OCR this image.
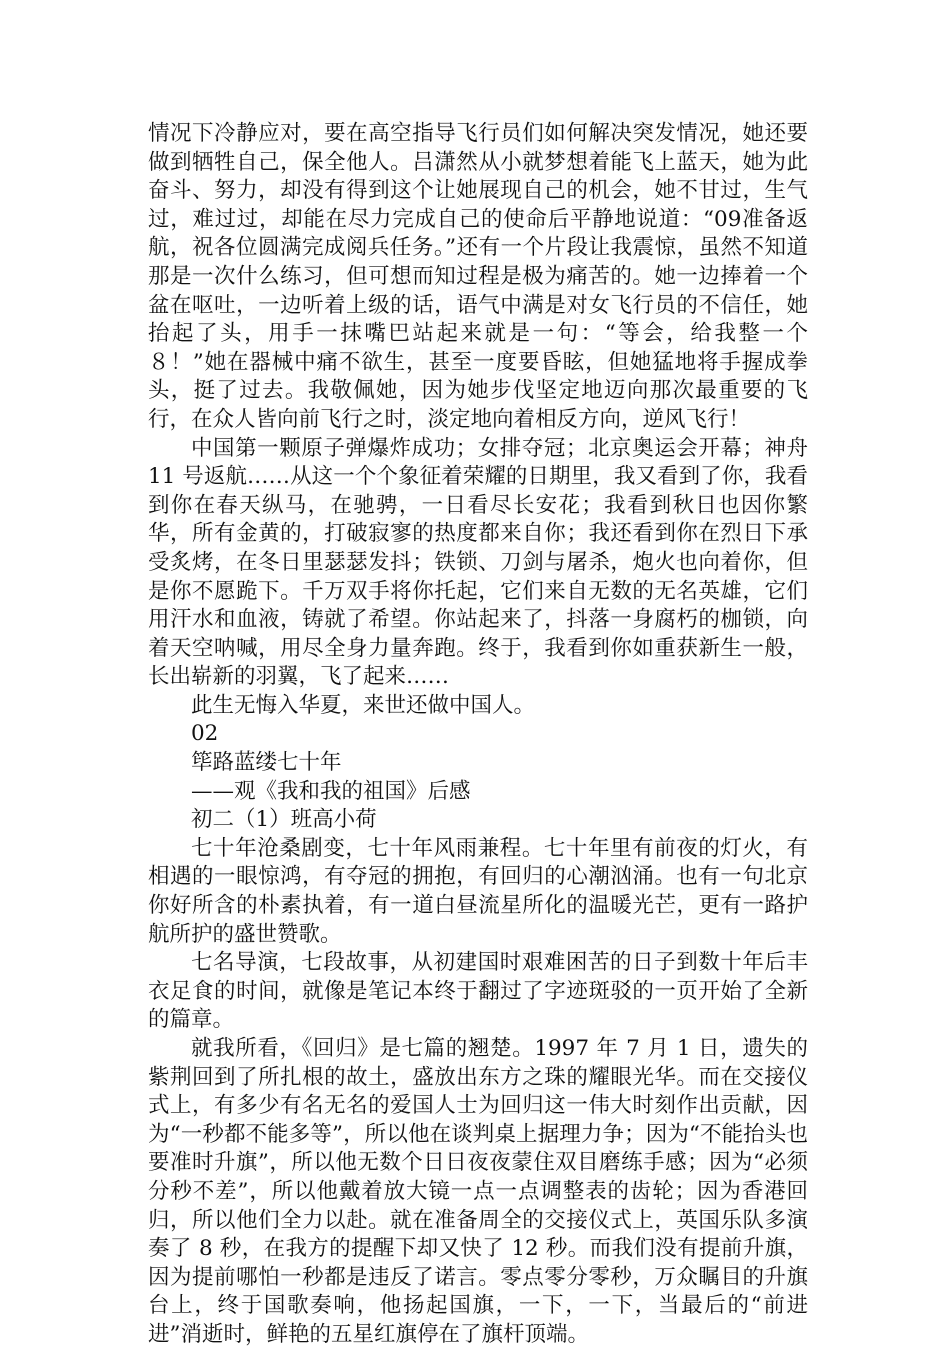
情况下冷静应对，要在高空指导飞行员们如何解决突发情况，她还要做到牺牲自己，保全他人。吕潇然从小就梦想着能飞上蓝天，她为此奋斗、努力，却没有得到这个让她展现自己的机会，她不甘过，生气过，难过过，却能在尽力完成自己的使命后平静地说道：“09准备返航，祝各位圆满完成阅兵任务。”还有一个片段让我震惊，虽然不知道那是一次什么练习，但可想而知过程是极为痛苦的。她一边捧着一个盆在呕吐，一边听着上级的话，语气中满是对女飞行员的不信任，她抬起了头，用手一抹嘴巴站起来就是一句：“等会，给我整一个８！”她在器械中痛不欲生，甚至一度要昏眩，但她猛地将手握成拳头，挺了过去。我敬佩她，因为她步伐坚定地迈向那次最重要的飞行，在众人皆向前飞行之时，淡定地向着相反方向，逆风飞行！

中国第一颗原子弹爆炸成功；女排夺冠；北京奥运会开幕；神舟 11 号返航……从这一个个象征着荣耀的日期里，我又看到了你，我看到你在春天纵马，在驰骋，一日看尽长安花；我看到秋日也因你繁华，所有金黄的，打破寂寥的热度都来自你；我还看到你在烈日下承受炙烤，在冬日里瑟瑟发抖；铁锁、刀剑与屠杀，炮火也向着你，但是你不愿跪下。千万双手将你托起，它们来自无数的无名英雄，它们用汗水和血液，铸就了希望。你站起来了，抖落一身腐朽的枷锁，向着天空呐喊，用尽全身力量奔跑。终于，我看到你如重获新生一般，长出崭新的羽翼，飞了起来……

此生无悔入华夏，来世还做中国人。

02

筚路蓝缕七十年

——观《我和我的祖国》后感

初二（1）班高小荷

七十年沧桑剧变，七十年风雨兼程。七十年里有前夜的灯火，有相遇的一眼惊鸿，有夺冠的拥抱，有回归的心潮汹涌。也有一句北京你好所含的朴素执着，有一道白昼流星所化的温暖光芒，更有一路护航所护的盛世赞歌。

七名导演，七段故事，从初建国时艰难困苦的日子到数十年后丰衣足食的时间，就像是笔记本终于翻过了字迹斑驳的一页开始了全新的篇章。

就我所看，《回归》是七篇的翘楚。1997 年 7 月 1 日，遗失的紫荆回到了所扎根的故土，盛放出东方之珠的耀眼光华。而在交接仪式上，有多少有名无名的爱国人士为回归这一伟大时刻作出贡献，因为“一秒都不能多等”，所以他在谈判桌上据理力争；因为“不能抬头也要准时升旗”，所以他无数个日日夜夜蒙住双目磨练手感；因为“必须分秒不差”，所以他戴着放大镜一点一点调整表的齿轮；因为香港回归，所以他们全力以赴。就在准备周全的交接仪式上，英国乐队多演奏了 8 秒，在我方的提醒下却又快了 12 秒。而我们没有提前升旗，因为提前哪怕一秒都是违反了诺言。零点零分零秒，万众瞩目的升旗台上，终于国歌奏响，他扬起国旗，一下，一下，当最后的“前进进”消逝时，鲜艳的五星红旗停在了旗杆顶端。
